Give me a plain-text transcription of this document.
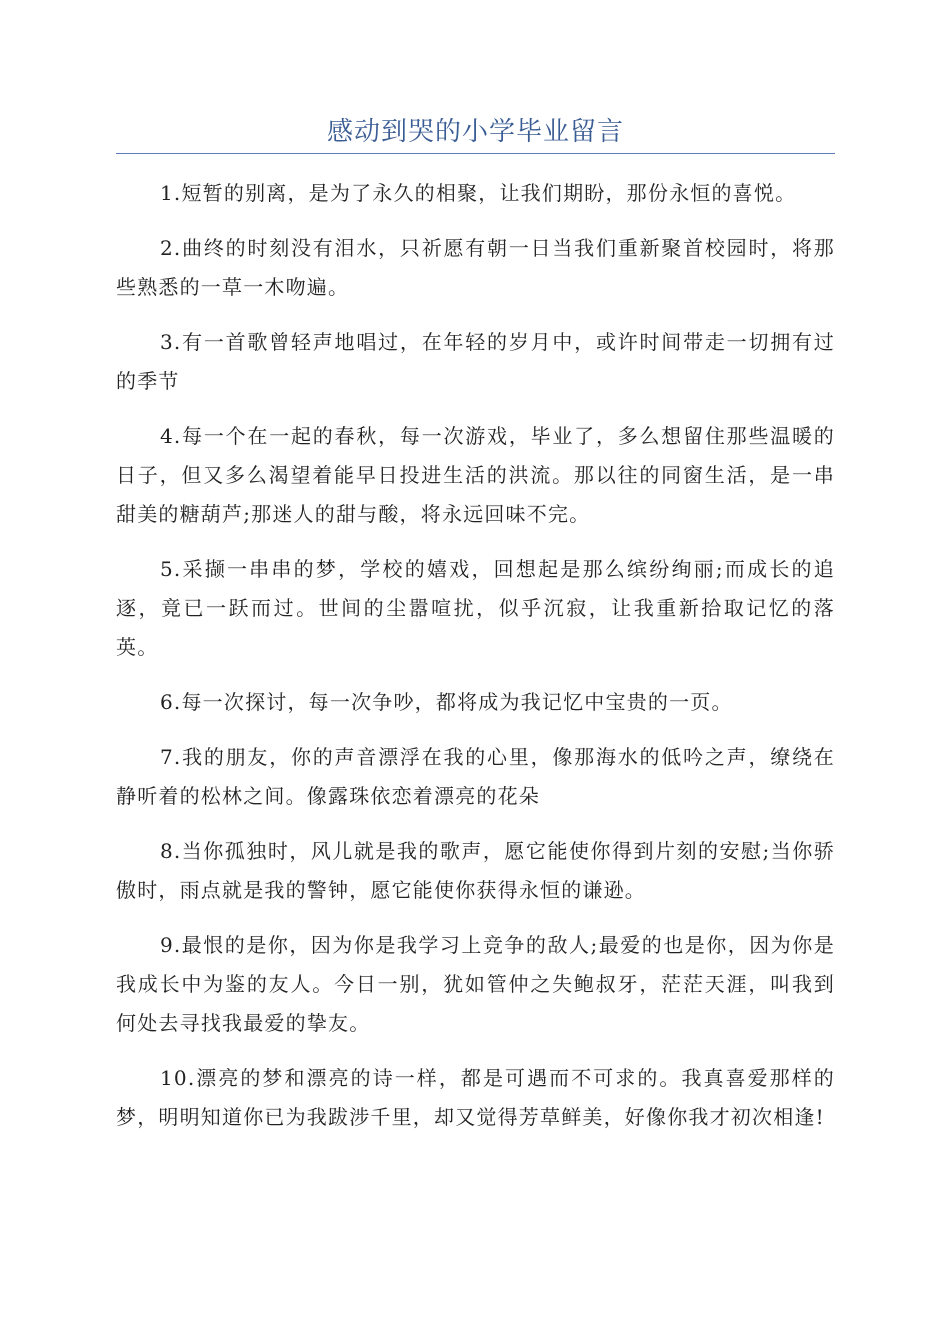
感动到哭的小学毕业留言

1.短暂的别离，是为了永久的相聚，让我们期盼，那份永恒的喜悦。

2.曲终的时刻没有泪水，只祈愿有朝一日当我们重新聚首校园时，将那些熟悉的一草一木吻遍。

3.有一首歌曾轻声地唱过，在年轻的岁月中，或许时间带走一切拥有过的季节

4.每一个在一起的春秋，每一次游戏，毕业了，多么想留住那些温暖的日子，但又多么渴望着能早日投进生活的洪流。那以往的同窗生活，是一串甜美的糖葫芦;那迷人的甜与酸，将永远回味不完。

5.采撷一串串的梦，学校的嬉戏，回想起是那么缤纷绚丽;而成长的追逐，竟已一跃而过。世间的尘嚣喧扰，似乎沉寂，让我重新拾取记忆的落英。

6.每一次探讨，每一次争吵，都将成为我记忆中宝贵的一页。

7.我的朋友，你的声音漂浮在我的心里，像那海水的低吟之声，缭绕在静听着的松林之间。像露珠依恋着漂亮的花朵

8.当你孤独时，风儿就是我的歌声，愿它能使你得到片刻的安慰;当你骄傲时，雨点就是我的警钟，愿它能使你获得永恒的谦逊。

9.最恨的是你，因为你是我学习上竞争的敌人;最爱的也是你，因为你是我成长中为鉴的友人。今日一别，犹如管仲之失鲍叔牙，茫茫天涯，叫我到何处去寻找我最爱的挚友。

10.漂亮的梦和漂亮的诗一样，都是可遇而不可求的。我真喜爱那样的梦，明明知道你已为我跋涉千里，却又觉得芳草鲜美，好像你我才初次相逢!
